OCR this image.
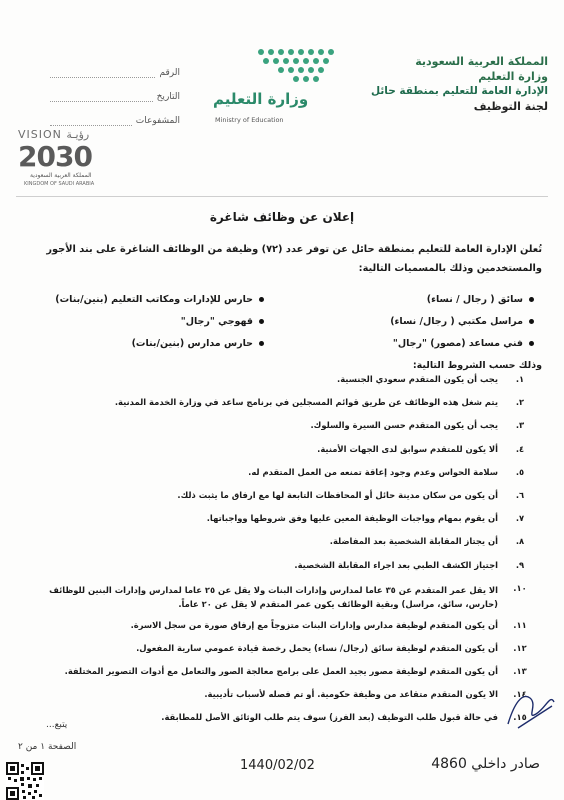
المملكة العربية السعودية
وزارة التعليم
الإدارة العامة للتعليم بمنطقة حائل
لجنة التوظيف
وزارة التعليم
Ministry of Education
الرقم
التاريخ
المشفوعات
VISION رؤيـة
2030
المملكة العربية السعودية
KINGDOM OF SAUDI ARABIA
إعلان عن وظائف شاغرة
تُعلن الإدارة العامة للتعليم بمنطقة حائل عن توفر عدد (٧٢) وظيفة من الوظائف الشاغرة على بند الأجور والمستخدمين وذلك بالمسميات التالية:
سائق ( رجال / نساء)
مراسل مكتبي ( رجال/ نساء)
فني مساعد (مصور) "رجال"
حارس للإدارات ومكاتب التعليم (بنين/بنات)
قهوجي "رجال"
حارس مدارس (بنين/بنات)
وذلك حسب الشروط التالية:
١.
يجب أن يكون المتقدم سعودي الجنسية.
٢.
يتم شغل هذه الوظائف عن طريق قوائم المسجلين في برنامج ساعد في وزارة الخدمة المدنية.
٣.
يجب أن يكون المتقدم حسن السيرة والسلوك.
٤.
ألا يكون للمتقدم سوابق لدى الجهات الأمنية.
٥.
سلامة الحواس وعدم وجود إعاقة تمنعه من العمل المتقدم له.
٦.
أن يكون من سكان مدينة حائل أو المحافظات التابعة لها مع ارفاق ما يثبت ذلك.
٧.
أن يقوم بمهام وواجبات الوظيفة المعين عليها وفق شروطها وواجباتها.
٨.
أن يجتاز المقابلة الشخصية بعد المفاضلة.
٩.
اجتياز الكشف الطبي بعد اجراء المقابلة الشخصية.
١٠.
الا يقل عمر المتقدم عن ٣٥ عاما لمدارس وإدارات البنات ولا يقل عن ٢٥ عاما لمدارس وإدارات البنين للوظائف (حارس، سائق، مراسل) وبقية الوظائف يكون عمر المتقدم لا يقل عن ٢٠ عاماً.
١١.
أن يكون المتقدم لوظيفة مدارس وإدارات البنات متزوجاً مع إرفاق صورة من سجل الاسرة.
١٢.
أن يكون المتقدم لوظيفة سائق (رجال/ نساء) يحمل رخصة قيادة عمومي سارية المفعول.
١٣.
أن يكون المتقدم لوظيفة مصور يجيد العمل على برامج معالجة الصور والتعامل مع أدوات التصوير المختلفة.
١٤.
الا يكون المتقدم متقاعد من وظيفة حكومية. أو تم فصله لأسباب تأديبية.
١٥.
في حالة قبول طلب التوظيف (بعد الفرز) سوف يتم طلب الوثائق الأصل للمطابقة.
يتبع...
الصفحة ١ من ٢
1440/02/02	صادر داخلي 4860
